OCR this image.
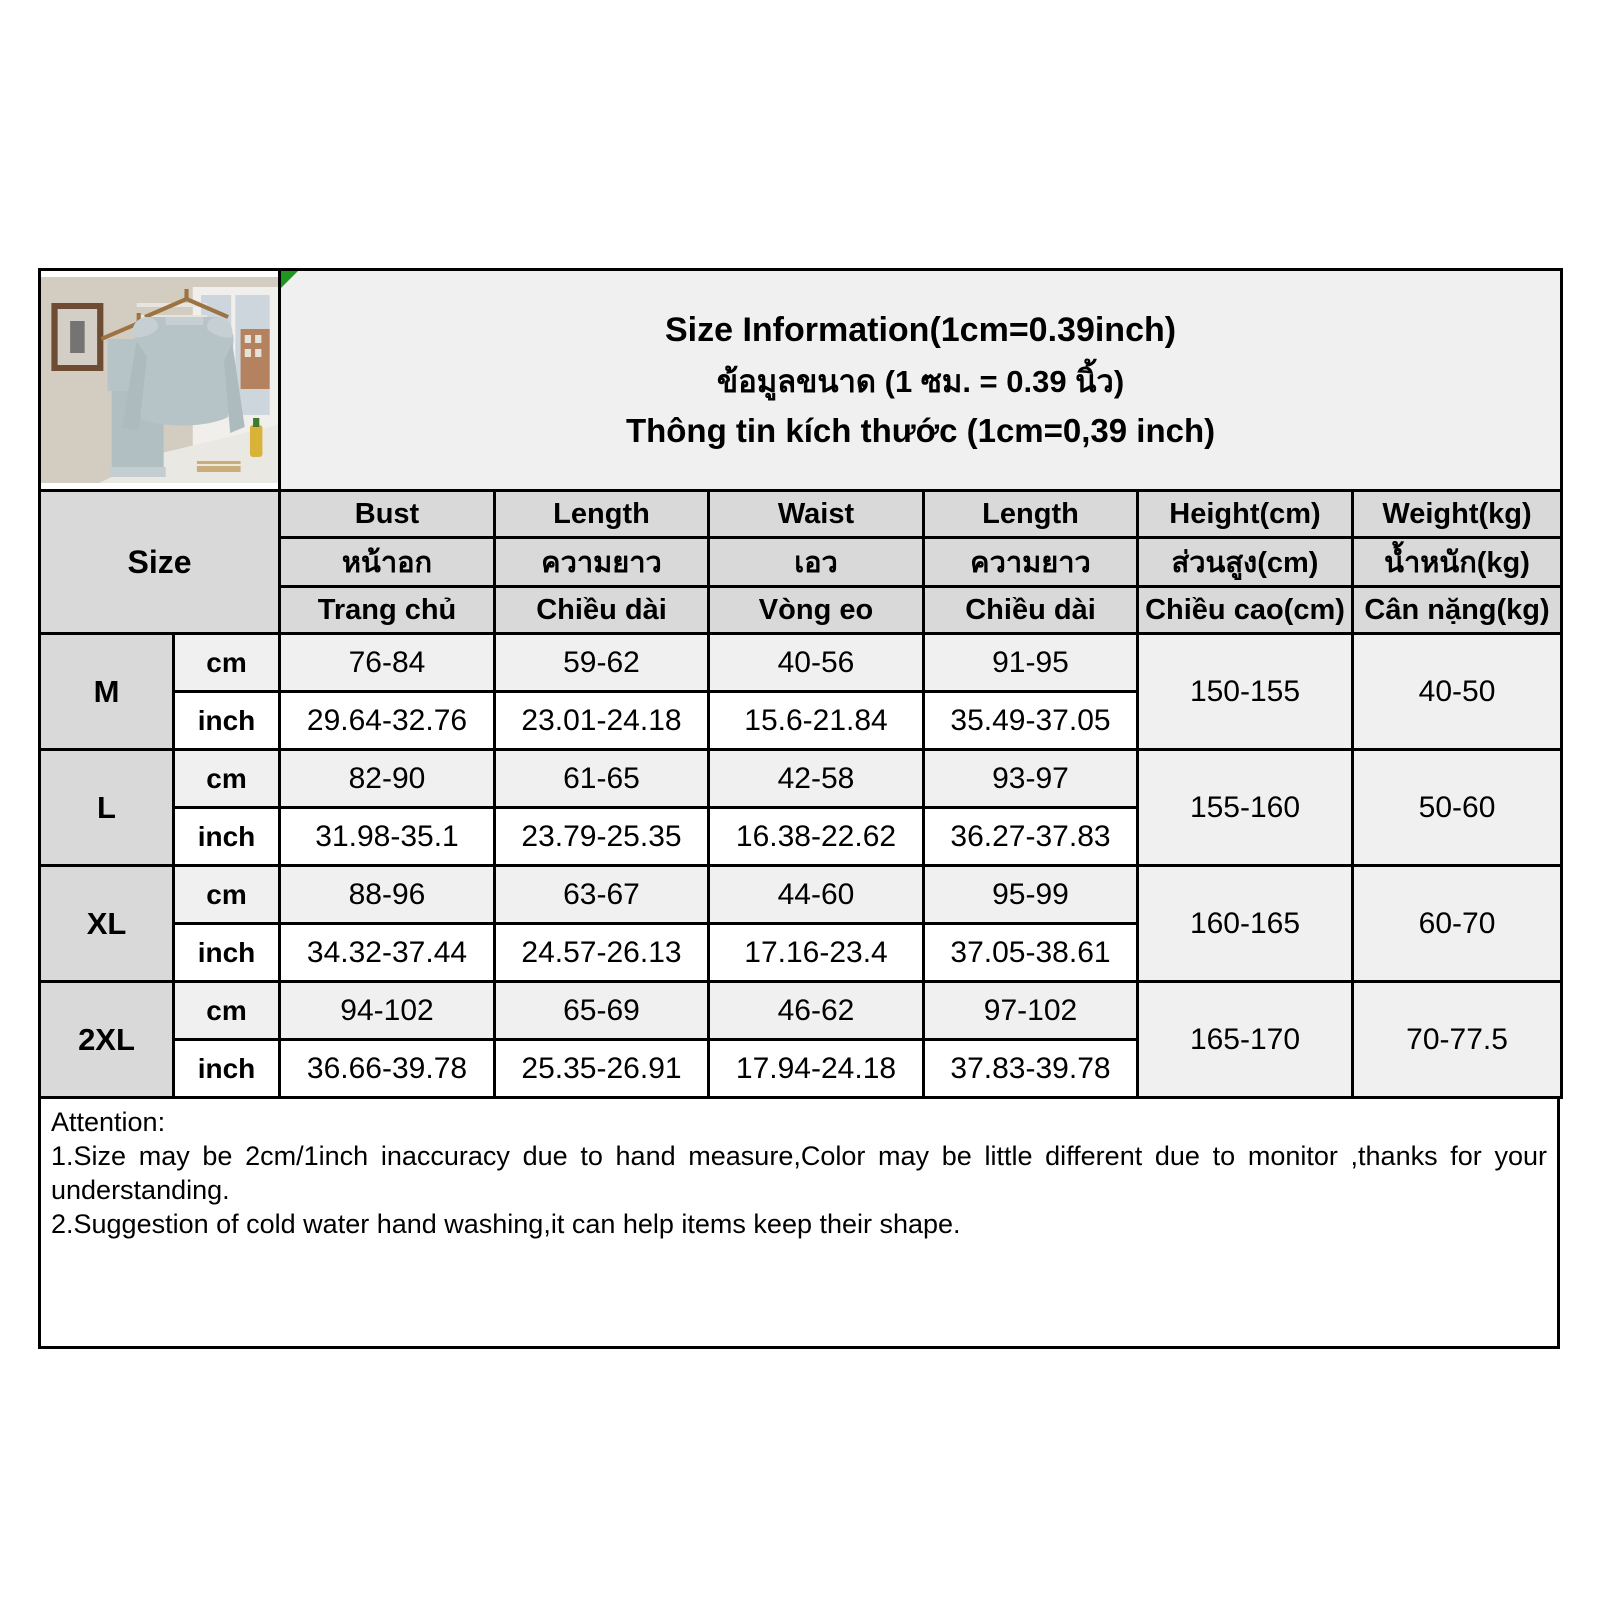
Size Information(1cm=0.39inch)
ข้อมูลขนาด (1 ซม. = 0.39 นิ้ว)
Thông tin kích thước (1cm=0,39 inch)					

Size		Bust	Length	Waist	Length	Height(cm)	Weight(kg)
		หน้าอก	ความยาว	เอว	ความยาว	ส่วนสูง(cm)	น้ำหนัก(kg)
		Trang chủ	Chiều dài	Vòng eo	Chiều dài	Chiều cao(cm)	Cân nặng(kg)
M	cm	76-84	59-62	40-56	91-95	150-155	40-50
	inch	29.64-32.76	23.01-24.18	15.6-21.84	35.49-37.05		
L	cm	82-90	61-65	42-58	93-97	155-160	50-60
	inch	31.98-35.1	23.79-25.35	16.38-22.62	36.27-37.83		
XL	cm	88-96	63-67	44-60	95-99	160-165	60-70
	inch	34.32-37.44	24.57-26.13	17.16-23.4	37.05-38.61		
2XL	cm	94-102	65-69	46-62	97-102	165-170	70-77.5
	inch	36.66-39.78	25.35-26.91	17.94-24.18	37.83-39.78		
Attention:
1.Size may be 2cm/1inch inaccuracy due to hand measure,Color may be little different due to monitor ,thanks for your understanding.
2.Suggestion of cold water hand washing,it can help items keep their shape.
